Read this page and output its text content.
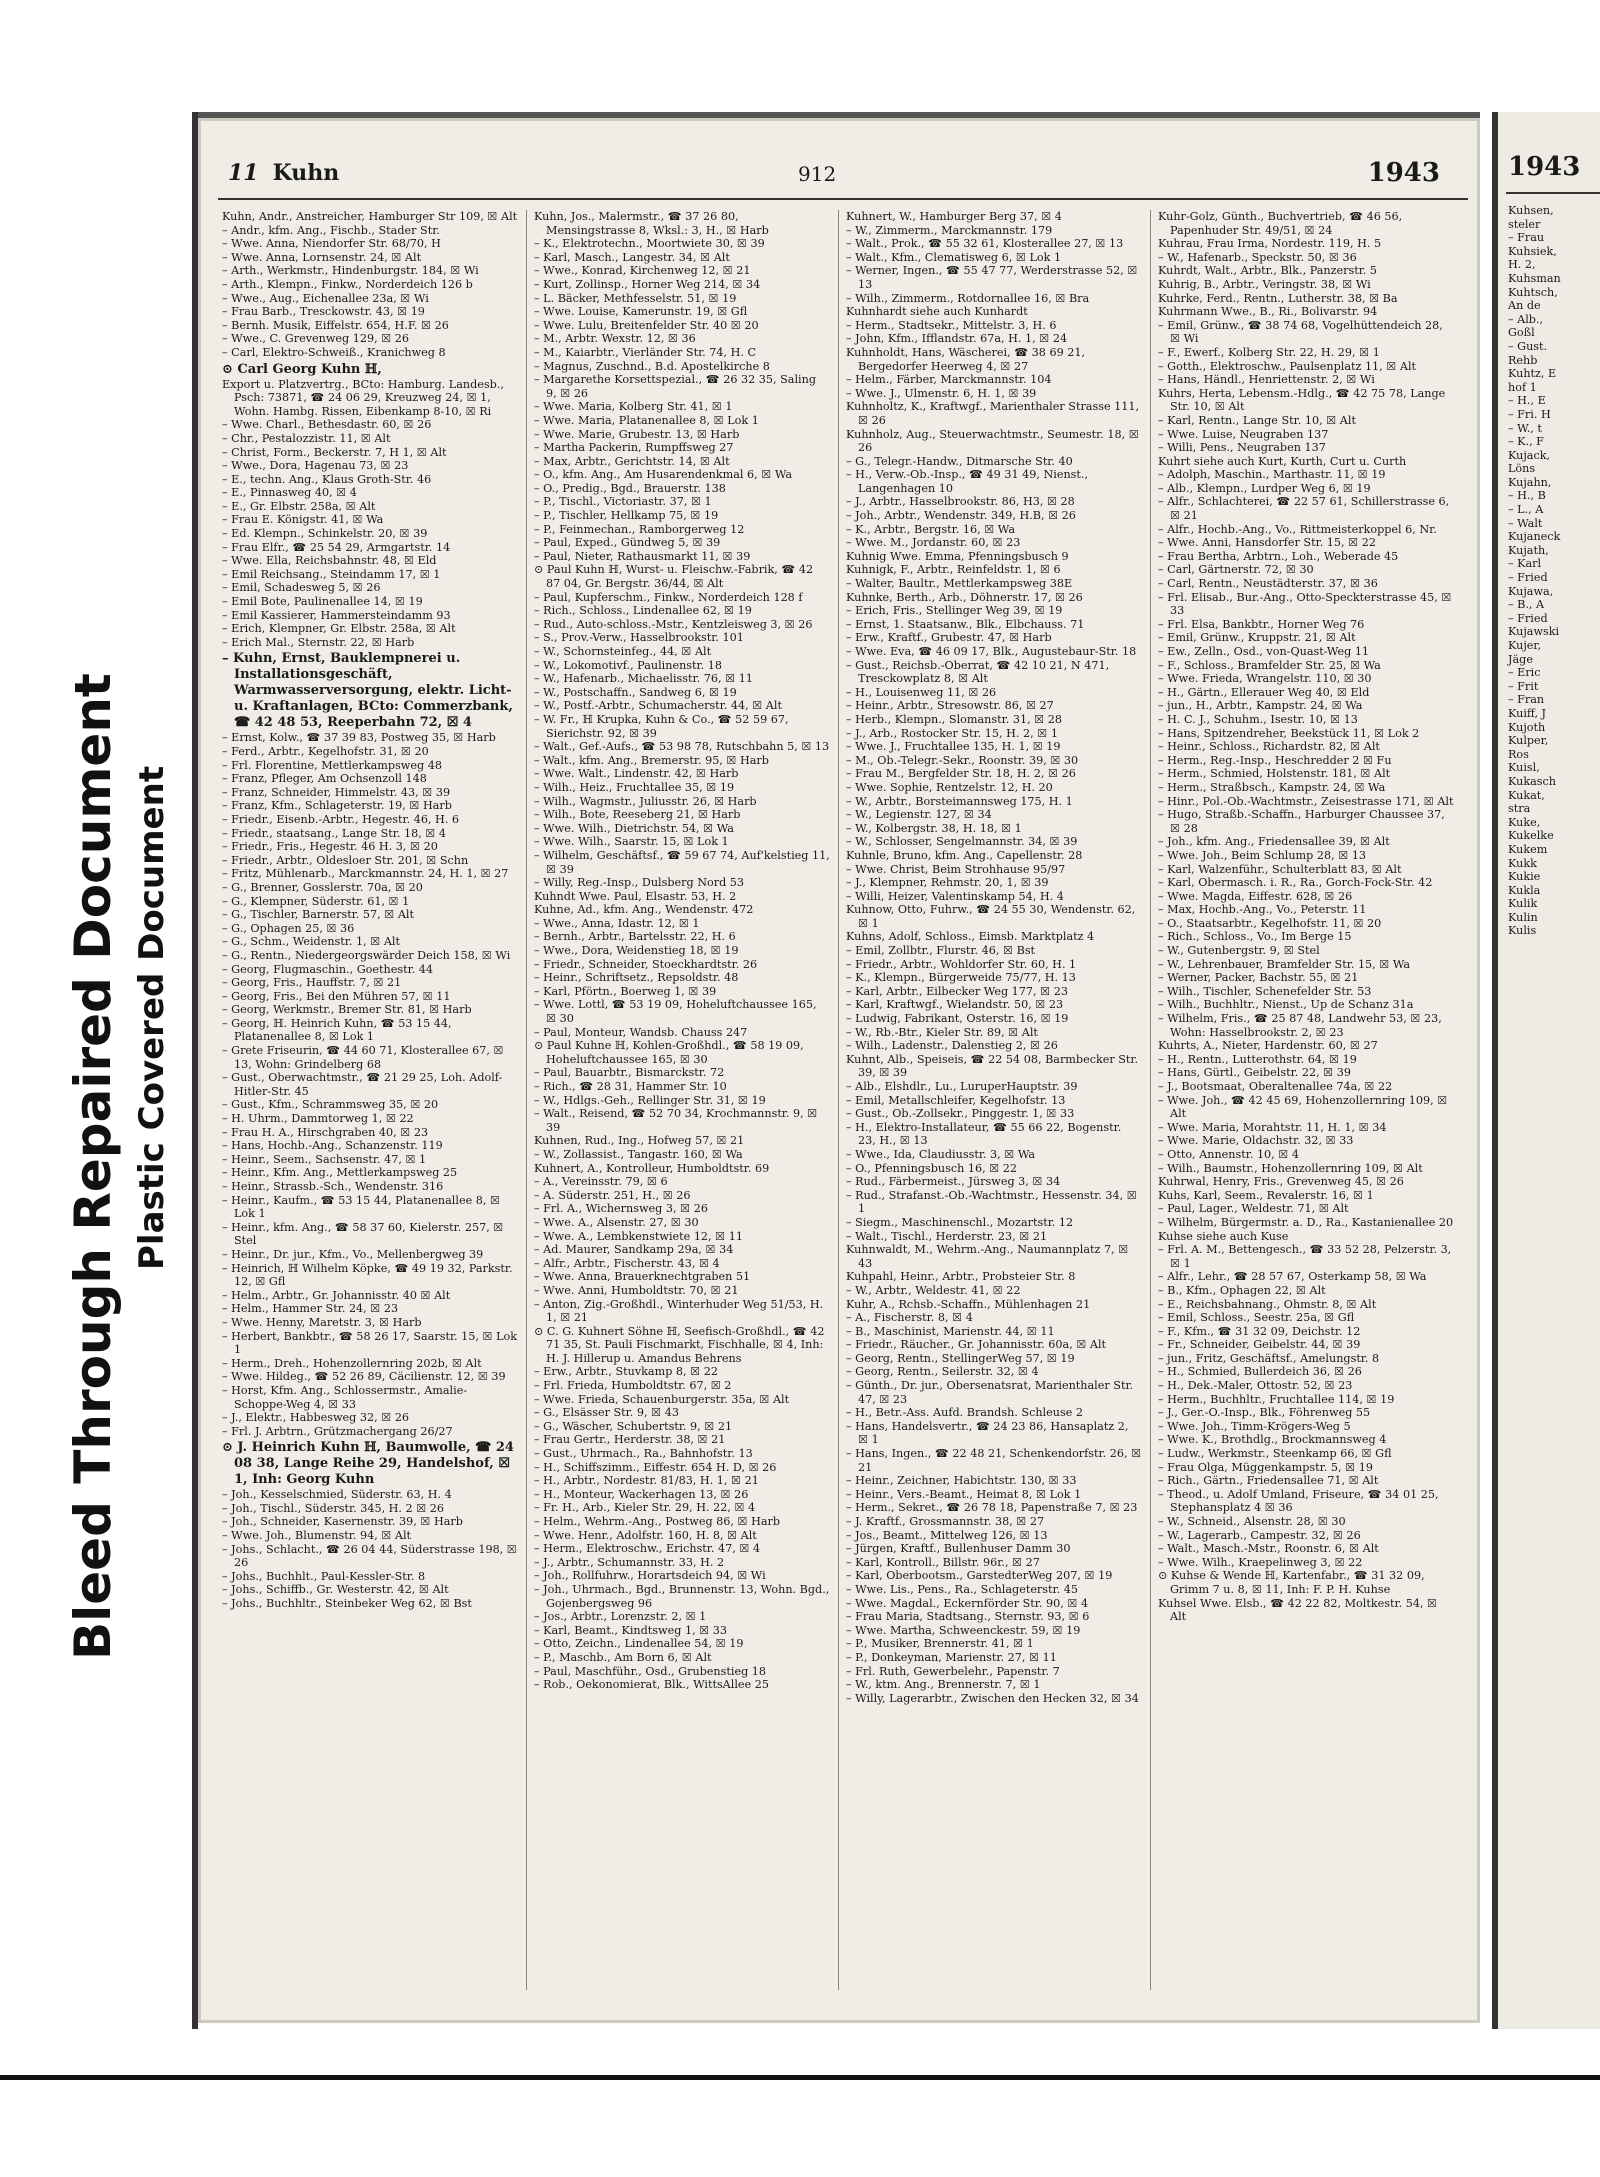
Bleed Through Repaired Document Plastic Covered Document
11 Kuhn	912	1943

Kuhn, Andr., Anstreicher, Hamburger Str 109, ☒ Alt

– Andr., kfm. Ang., Fischb., Stader Str.

– Wwe. Anna, Niendorfer Str. 68/70, H

– Wwe. Anna, Lornsenstr. 24, ☒ Alt

– Arth., Werkmstr., Hindenburgstr. 184, ☒ Wi

– Arth., Klempn., Finkw., Norderdeich 126 b

– Wwe., Aug., Eichenallee 23a, ☒ Wi

– Frau Barb., Tresckowstr. 43, ☒ 19

– Bernh. Musik, Eiffelstr. 654, H.F. ☒ 26

– Wwe., C. Grevenweg 129, ☒ 26

– Carl, Elektro-Schweiß., Kranichweg 8

⊙ Carl Georg Kuhn ℍ,

Export u. Platzvertrg., BCto: Hamburg. Landesb., Psch: 73871, ☎ 24 06 29, Kreuzweg 24, ☒ 1, Wohn. Hambg. Rissen, Eibenkamp 8-10, ☒ Ri

– Wwe. Charl., Bethesdastr. 60, ☒ 26

– Chr., Pestalozzistr. 11, ☒ Alt

– Christ, Form., Beckerstr. 7, H 1, ☒ Alt

– Wwe., Dora, Hagenau 73, ☒ 23

– E., techn. Ang., Klaus Groth-Str. 46

– E., Pinnasweg 40, ☒ 4

– E., Gr. Elbstr. 258a, ☒ Alt

– Frau E. Königstr. 41, ☒ Wa

– Ed. Klempn., Schinkelstr. 20, ☒ 39

– Frau Elfr., ☎ 25 54 29, Armgartstr. 14

– Wwe. Ella, Reichsbahnstr. 48, ☒ Eld

– Emil Reichsang., Steindamm 17, ☒ 1

– Emil, Schadesweg 5, ☒ 26

– Emil Bote, Paulinenallee 14, ☒ 19

– Emil Kassierer, Hammersteindamm 93

– Erich, Klempner, Gr. Elbstr. 258a, ☒ Alt

– Erich Mal., Sternstr. 22, ☒ Harb

– Kuhn, Ernst, Bauklempnerei u. Installationsgeschäft, Warmwasserversorgung, elektr. Licht- u. Kraftanlagen, BCto: Commerzbank, ☎ 42 48 53, Reeperbahn 72, ☒ 4

– Ernst, Kolw., ☎ 37 39 83, Postweg 35, ☒ Harb

– Ferd., Arbtr., Kegelhofstr. 31, ☒ 20

– Frl. Florentine, Mettlerkampsweg 48

– Franz, Pfleger, Am Ochsenzoll 148

– Franz, Schneider, Himmelstr. 43, ☒ 39

– Franz, Kfm., Schlageterstr. 19, ☒ Harb

– Friedr., Eisenb.-Arbtr., Hegestr. 46, H. 6

– Friedr., staatsang., Lange Str. 18, ☒ 4

– Friedr., Fris., Hegestr. 46 H. 3, ☒ 20

– Friedr., Arbtr., Oldesloer Str. 201, ☒ Schn

– Fritz, Mühlenarb., Marckmannstr. 24, H. 1, ☒ 27

– G., Brenner, Gosslerstr. 70a, ☒ 20

– G., Klempner, Süderstr. 61, ☒ 1

– G., Tischler, Barnerstr. 57, ☒ Alt

– G., Ophagen 25, ☒ 36

– G., Schm., Weidenstr. 1, ☒ Alt

– G., Rentn., Niedergeorgswärder Deich 158, ☒ Wi

– Georg, Flugmaschin., Goethestr. 44

– Georg, Fris., Hauffstr. 7, ☒ 21

– Georg, Fris., Bei den Mühren 57, ☒ 11

– Georg, Werkmstr., Bremer Str. 81, ☒ Harb

– Georg, ℍ. Heinrich Kuhn, ☎ 53 15 44, Platanenallee 8, ☒ Lok 1

– Grete Friseurin, ☎ 44 60 71, Klosterallee 67, ☒ 13, Wohn: Grindelberg 68

– Gust., Oberwachtmstr., ☎ 21 29 25, Loh. Adolf-Hitler-Str. 45

– Gust., Kfm., Schrammsweg 35, ☒ 20

– H. Uhrm., Dammtorweg 1, ☒ 22

– Frau H. A., Hirschgraben 40, ☒ 23

– Hans, Hochb.-Ang., Schanzenstr. 119

– Heinr., Seem., Sachsenstr. 47, ☒ 1

– Heinr., Kfm. Ang., Mettlerkampsweg 25

– Heinr., Strassb.-Sch., Wendenstr. 316

– Heinr., Kaufm., ☎ 53 15 44, Platanenallee 8, ☒ Lok 1

– Heinr., kfm. Ang., ☎ 58 37 60, Kielerstr. 257, ☒ Stel

– Heinr., Dr. jur., Kfm., Vo., Mellenbergweg 39

– Heinrich, ℍ Wilhelm Köpke, ☎ 49 19 32, Parkstr. 12, ☒ Gfl

– Helm., Arbtr., Gr. Johannisstr. 40 ☒ Alt

– Helm., Hammer Str. 24, ☒ 23

– Wwe. Henny, Maretstr. 3, ☒ Harb

– Herbert, Bankbtr., ☎ 58 26 17, Saarstr. 15, ☒ Lok 1

– Herm., Dreh., Hohenzollernring 202b, ☒ Alt

– Wwe. Hildeg., ☎ 52 26 89, Cäcilienstr. 12, ☒ 39

– Horst, Kfm. Ang., Schlossermstr., Amalie-Schoppe-Weg 4, ☒ 33

– J., Elektr., Habbesweg 32, ☒ 26

– Frl. J. Arbtrn., Grützmachergang 26/27

⊙ J. Heinrich Kuhn ℍ, Baumwolle, ☎ 24 08 38, Lange Reihe 29, Handelshof, ☒ 1, Inh: Georg Kuhn

– Joh., Kesselschmied, Süderstr. 63, H. 4

– Joh., Tischl., Süderstr. 345, H. 2 ☒ 26

– Joh., Schneider, Kasernenstr. 39, ☒ Harb

– Wwe. Joh., Blumenstr. 94, ☒ Alt

– Johs., Schlacht., ☎ 26 04 44, Süderstrasse 198, ☒ 26

– Johs., Buchhlt., Paul-Kessler-Str. 8

– Johs., Schiffb., Gr. Westerstr. 42, ☒ Alt

– Johs., Buchhltr., Steinbeker Weg 62, ☒ Bst

Kuhn, Jos., Malermstr., ☎ 37 26 80, Mensingstrasse 8, Wksl.: 3, H., ☒ Harb

– K., Elektrotechn., Moortwiete 30, ☒ 39

– Karl, Masch., Langestr. 34, ☒ Alt

– Wwe., Konrad, Kirchenweg 12, ☒ 21

– Kurt, Zollinsp., Horner Weg 214, ☒ 34

– L. Bäcker, Methfesselstr. 51, ☒ 19

– Wwe. Louise, Kamerunstr. 19, ☒ Gfl

– Wwe. Lulu, Breitenfelder Str. 40 ☒ 20

– M., Arbtr. Wexstr. 12, ☒ 36

– M., Kaiarbtr., Vierländer Str. 74, H. C

– Magnus, Zuschnd., B.d. Apostelkirche 8

– Margarethe Korsettspezial., ☎ 26 32 35, Saling 9, ☒ 26

– Wwe. Maria, Kolberg Str. 41, ☒ 1

– Wwe. Maria, Platanenallee 8, ☒ Lok 1

– Wwe. Marie, Grubestr. 13, ☒ Harb

– Martha Packerin, Rumpffsweg 27

– Max, Arbtr., Gerichtstr. 14, ☒ Alt

– O., kfm. Ang., Am Husarendenkmal 6, ☒ Wa

– O., Predig., Bgd., Brauerstr. 138

– P., Tischl., Victoriastr. 37, ☒ 1

– P., Tischler, Hellkamp 75, ☒ 19

– P., Feinmechan., Ramborgerweg 12

– Paul, Exped., Gündweg 5, ☒ 39

– Paul, Nieter, Rathausmarkt 11, ☒ 39

⊙ Paul Kuhn ℍ, Wurst- u. Fleischw.-Fabrik, ☎ 42 87 04, Gr. Bergstr. 36/44, ☒ Alt

– Paul, Kupferschm., Finkw., Norderdeich 128 f

– Rich., Schloss., Lindenallee 62, ☒ 19

– Rud., Auto-schloss.-Mstr., Kentzleisweg 3, ☒ 26

– S., Prov.-Verw., Hasselbrookstr. 101

– W., Schornsteinfeg., 44, ☒ Alt

– W., Lokomotivf., Paulinenstr. 18

– W., Hafenarb., Michaelisstr. 76, ☒ 11

– W., Postschaffn., Sandweg 6, ☒ 19

– W., Postf.-Arbtr., Schumacherstr. 44, ☒ Alt

– W. Fr., ℍ Krupka, Kuhn & Co., ☎ 52 59 67, Sierichstr. 92, ☒ 39

– Walt., Gef.-Aufs., ☎ 53 98 78, Rutschbahn 5, ☒ 13

– Walt., kfm. Ang., Bremerstr. 95, ☒ Harb

– Wwe. Walt., Lindenstr. 42, ☒ Harb

– Wilh., Heiz., Fruchtallee 35, ☒ 19

– Wilh., Wagmstr., Juliusstr. 26, ☒ Harb

– Wilh., Bote, Reeseberg 21, ☒ Harb

– Wwe. Wilh., Dietrichstr. 54, ☒ Wa

– Wwe. Wilh., Saarstr. 15, ☒ Lok 1

– Wilhelm, Geschäftsf., ☎ 59 67 74, Auf'kelstieg 11, ☒ 39

– Willy, Reg.-Insp., Dulsberg Nord 53

Kuhndt Wwe. Paul, Elsastr. 53, H. 2

Kuhne, Ad., kfm. Ang., Wendenstr. 472

– Wwe., Anna, Idastr. 12, ☒ 1

– Bernh., Arbtr., Bartelsstr. 22, H. 6

– Wwe., Dora, Weidenstieg 18, ☒ 19

– Friedr., Schneider, Stoeckhardtstr. 26

– Heinr., Schriftsetz., Repsoldstr. 48

– Karl, Pförtn., Boerweg 1, ☒ 39

– Wwe. Lottl, ☎ 53 19 09, Hoheluftchaussee 165, ☒ 30

– Paul, Monteur, Wandsb. Chauss 247

⊙ Paul Kuhne ℍ, Kohlen-Großhdl., ☎ 58 19 09, Hoheluftchaussee 165, ☒ 30

– Paul, Bauarbtr., Bismarckstr. 72

– Rich., ☎ 28 31, Hammer Str. 10

– W., Hdlgs.-Geh., Rellinger Str. 31, ☒ 19

– Walt., Reisend, ☎ 52 70 34, Krochmannstr. 9, ☒ 39

Kuhnen, Rud., Ing., Hofweg 57, ☒ 21

– W., Zollassist., Tangastr. 160, ☒ Wa

Kuhnert, A., Kontrolleur, Humboldtstr. 69

– A., Vereinsstr. 79, ☒ 6

– A. Süderstr. 251, H., ☒ 26

– Frl. A., Wichernsweg 3, ☒ 26

– Wwe. A., Alsenstr. 27, ☒ 30

– Wwe. A., Lembkenstwiete 12, ☒ 11

– Ad. Maurer, Sandkamp 29a, ☒ 34

– Alfr., Arbtr., Fischerstr. 43, ☒ 4

– Wwe. Anna, Brauerknechtgraben 51

– Wwe. Anni, Humboldtstr. 70, ☒ 21

– Anton, Zig.-Großhdl., Winterhuder Weg 51/53, H. 1, ☒ 21

⊙ C. G. Kuhnert Söhne ℍ, Seefisch-Großhdl., ☎ 42 71 35, St. Pauli Fischmarkt, Fischhalle, ☒ 4, Inh: H. J. Hillerup u. Amandus Behrens

– Erw., Arbtr., Stuvkamp 8, ☒ 22

– Frl. Frieda, Humboldtstr. 67, ☒ 2

– Wwe. Frieda, Schauenburgerstr. 35a, ☒ Alt

– G., Elsässer Str. 9, ☒ 43

– G., Wäscher, Schubertstr. 9, ☒ 21

– Frau Gertr., Herderstr. 38, ☒ 21

– Gust., Uhrmach., Ra., Bahnhofstr. 13

– H., Schiffszimm., Eiffestr. 654 H. D, ☒ 26

– H., Arbtr., Nordestr. 81/83, H. 1, ☒ 21

– H., Monteur, Wackerhagen 13, ☒ 26

– Fr. H., Arb., Kieler Str. 29, H. 22, ☒ 4

– Helm., Wehrm.-Ang., Postweg 86, ☒ Harb

– Wwe. Henr., Adolfstr. 160, H. 8, ☒ Alt

– Herm., Elektroschw., Erichstr. 47, ☒ 4

– J., Arbtr., Schumannstr. 33, H. 2

– Joh., Rollfuhrw., Horartsdeich 94, ☒ Wi

– Joh., Uhrmach., Bgd., Brunnenstr. 13, Wohn. Bgd., Gojenbergsweg 96

– Jos., Arbtr., Lorenzstr. 2, ☒ 1

– Karl, Beamt., Kindtsweg 1, ☒ 33

– Otto, Zeichn., Lindenallee 54, ☒ 19

– P., Maschb., Am Born 6, ☒ Alt

– Paul, Maschführ., Osd., Grubenstieg 18

– Rob., Oekonomierat, Blk., WittsAllee 25

Kuhnert, W., Hamburger Berg 37, ☒ 4

– W., Zimmerm., Marckmannstr. 179

– Walt., Prok., ☎ 55 32 61, Klosterallee 27, ☒ 13

– Walt., Kfm., Clematisweg 6, ☒ Lok 1

– Werner, Ingen., ☎ 55 47 77, Werderstrasse 52, ☒ 13

– Wilh., Zimmerm., Rotdornallee 16, ☒ Bra

Kuhnhardt siehe auch Kunhardt

– Herm., Stadtsekr., Mittelstr. 3, H. 6

– John, Kfm., Ifflandstr. 67a, H. 1, ☒ 24

Kuhnholdt, Hans, Wäscherei, ☎ 38 69 21, Bergedorfer Heerweg 4, ☒ 27

– Helm., Färber, Marckmannstr. 104

– Wwe. J., Ulmenstr. 6, H. 1, ☒ 39

Kuhnholtz, K., Kraftwgf., Marienthaler Strasse 111, ☒ 26

Kuhnholz, Aug., Steuerwachtmstr., Seumestr. 18, ☒ 26

– G., Telegr.-Handw., Ditmarsche Str. 40

– H., Verw.-Ob.-Insp., ☎ 49 31 49, Nienst., Langenhagen 10

– J., Arbtr., Hasselbrookstr. 86, H3, ☒ 28

– Joh., Arbtr., Wendenstr. 349, H.B, ☒ 26

– K., Arbtr., Bergstr. 16, ☒ Wa

– Wwe. M., Jordanstr. 60, ☒ 23

Kuhnig Wwe. Emma, Pfenningsbusch 9

Kuhnigk, F., Arbtr., Reinfeldstr. 1, ☒ 6

– Walter, Baultr., Mettlerkampsweg 38E

Kuhnke, Berth., Arb., Döhnerstr. 17, ☒ 26

– Erich, Fris., Stellinger Weg 39, ☒ 19

– Ernst, 1. Staatsanw., Blk., Elbchauss. 71

– Erw., Kraftf., Grubestr. 47, ☒ Harb

– Wwe. Eva, ☎ 46 09 17, Blk., Augustebaur-Str. 18

– Gust., Reichsb.-Oberrat, ☎ 42 10 21, N 471, Tresckowplatz 8, ☒ Alt

– H., Louisenweg 11, ☒ 26

– Heinr., Arbtr., Stresowstr. 86, ☒ 27

– Herb., Klempn., Slomanstr. 31, ☒ 28

– J., Arb., Rostocker Str. 15, H. 2, ☒ 1

– Wwe. J., Fruchtallee 135, H. 1, ☒ 19

– M., Ob.-Telegr.-Sekr., Roonstr. 39, ☒ 30

– Frau M., Bergfelder Str. 18, H. 2, ☒ 26

– Wwe. Sophie, Rentzelstr. 12, H. 20

– W., Arbtr., Borsteimannsweg 175, H. 1

– W., Legienstr. 127, ☒ 34

– W., Kolbergstr. 38, H. 18, ☒ 1

– W., Schlosser, Sengelmannstr. 34, ☒ 39

Kuhnle, Bruno, kfm. Ang., Capellenstr. 28

– Wwe. Christ, Beim Strohhause 95/97

– J., Klempner, Rehmstr. 20, 1, ☒ 39

– Willi, Heizer, Valentinskamp 54, H. 4

Kuhnow, Otto, Fuhrw., ☎ 24 55 30, Wendenstr. 62, ☒ 1

Kuhns, Adolf, Schloss., Eimsb. Marktplatz 4

– Emil, Zollbtr., Flurstr. 46, ☒ Bst

– Friedr., Arbtr., Wohldorfer Str. 60, H. 1

– K., Klempn., Bürgerweide 75/77, H. 13

– Karl, Arbtr., Eilbecker Weg 177, ☒ 23

– Karl, Kraftwgf., Wielandstr. 50, ☒ 23

– Ludwig, Fabrikant, Osterstr. 16, ☒ 19

– W., Rb.-Btr., Kieler Str. 89, ☒ Alt

– Wilh., Ladenstr., Dalenstieg 2, ☒ 26

Kuhnt, Alb., Speiseis, ☎ 22 54 08, Barmbecker Str. 39, ☒ 39

– Alb., Elshdlr., Lu., LuruperHauptstr. 39

– Emil, Metallschleifer, Kegelhofstr. 13

– Gust., Ob.-Zollsekr., Pinggestr. 1, ☒ 33

– H., Elektro-Installateur, ☎ 55 66 22, Bogenstr. 23, H., ☒ 13

– Wwe., Ida, Claudiusstr. 3, ☒ Wa

– O., Pfenningsbusch 16, ☒ 22

– Rud., Färbermeist., Jürsweg 3, ☒ 34

– Rud., Strafanst.-Ob.-Wachtmstr., Hessenstr. 34, ☒ 1

– Siegm., Maschinenschl., Mozartstr. 12

– Walt., Tischl., Herderstr. 23, ☒ 21

Kuhnwaldt, M., Wehrm.-Ang., Naumannplatz 7, ☒ 43

Kuhpahl, Heinr., Arbtr., Probsteier Str. 8

– W., Arbtr., Weldestr. 41, ☒ 22

Kuhr, A., Rchsb.-Schaffn., Mühlenhagen 21

– A., Fischerstr. 8, ☒ 4

– B., Maschinist, Marienstr. 44, ☒ 11

– Friedr., Räucher., Gr. Johannisstr. 60a, ☒ Alt

– Georg, Rentn., StellingerWeg 57, ☒ 19

– Georg, Rentn., Seilerstr. 32, ☒ 4

– Günth., Dr. jur., Obersenatsrat, Marienthaler Str. 47, ☒ 23

– H., Betr.-Ass. Aufd. Brandsh. Schleuse 2

– Hans, Handelsvertr., ☎ 24 23 86, Hansaplatz 2, ☒ 1

– Hans, Ingen., ☎ 22 48 21, Schenkendorfstr. 26, ☒ 21

– Heinr., Zeichner, Habichtstr. 130, ☒ 33

– Heinr., Vers.-Beamt., Heimat 8, ☒ Lok 1

– Herm., Sekret., ☎ 26 78 18, Papenstraße 7, ☒ 23

– J. Kraftf., Grossmannstr. 38, ☒ 27

– Jos., Beamt., Mittelweg 126, ☒ 13

– Jürgen, Kraftf., Bullenhuser Damm 30

– Karl, Kontroll., Billstr. 96r., ☒ 27

– Karl, Oberbootsm., GarstedterWeg 207, ☒ 19

– Wwe. Lis., Pens., Ra., Schlageterstr. 45

– Wwe. Magdal., Eckernförder Str. 90, ☒ 4

– Frau Maria, Stadtsang., Sternstr. 93, ☒ 6

– Wwe. Martha, Schweenckestr. 59, ☒ 19

– P., Musiker, Brennerstr. 41, ☒ 1

– P., Donkeyman, Marienstr. 27, ☒ 11

– Frl. Ruth, Gewerbelehr., Papenstr. 7

– W., ktm. Ang., Brennerstr. 7, ☒ 1

– Willy, Lagerarbtr., Zwischen den Hecken 32, ☒ 34

Kuhr-Golz, Günth., Buchvertrieb, ☎ 46 56, Papenhuder Str. 49/51, ☒ 24

Kuhrau, Frau Irma, Nordestr. 119, H. 5

– W., Hafenarb., Speckstr. 50, ☒ 36

Kuhrdt, Walt., Arbtr., Blk., Panzerstr. 5

Kuhrig, B., Arbtr., Veringstr. 38, ☒ Wi

Kuhrke, Ferd., Rentn., Lutherstr. 38, ☒ Ba

Kuhrmann Wwe., B., Ri., Bolivarstr. 94

– Emil, Grünw., ☎ 38 74 68, Vogelhüttendeich 28, ☒ Wi

– F., Ewerf., Kolberg Str. 22, H. 29, ☒ 1

– Gotth., Elektroschw., Paulsenplatz 11, ☒ Alt

– Hans, Händl., Henriettenstr. 2, ☒ Wi

Kuhrs, Herta, Lebensm.-Hdlg., ☎ 42 75 78, Lange Str. 10, ☒ Alt

– Karl, Rentn., Lange Str. 10, ☒ Alt

– Wwe. Luise, Neugraben 137

– Willi, Pens., Neugraben 137

Kuhrt siehe auch Kurt, Kurth, Curt u. Curth

– Adolph, Maschin., Marthastr. 11, ☒ 19

– Alb., Klempn., Lurdper Weg 6, ☒ 19

– Alfr., Schlachterei, ☎ 22 57 61, Schillerstrasse 6, ☒ 21

– Alfr., Hochb.-Ang., Vo., Rittmeisterkoppel 6, Nr.

– Wwe. Anni, Hansdorfer Str. 15, ☒ 22

– Frau Bertha, Arbtrn., Loh., Weberade 45

– Carl, Gärtnerstr. 72, ☒ 30

– Carl, Rentn., Neustädterstr. 37, ☒ 36

– Frl. Elisab., Bur.-Ang., Otto-Speckterstrasse 45, ☒ 33

– Frl. Elsa, Bankbtr., Horner Weg 76

– Emil, Grünw., Kruppstr. 21, ☒ Alt

– Ew., Zelln., Osd., von-Quast-Weg 11

– F., Schloss., Bramfelder Str. 25, ☒ Wa

– Wwe. Frieda, Wrangelstr. 110, ☒ 30

– H., Gärtn., Ellerauer Weg 40, ☒ Eld

– jun., H., Arbtr., Kampstr. 24, ☒ Wa

– H. C. J., Schuhm., Isestr. 10, ☒ 13

– Hans, Spitzendreher, Beekstück 11, ☒ Lok 2

– Heinr., Schloss., Richardstr. 82, ☒ Alt

– Herm., Reg.-Insp., Heschredder 2 ☒ Fu

– Herm., Schmied, Holstenstr. 181, ☒ Alt

– Herm., Straßbsch., Kampstr. 24, ☒ Wa

– Hinr., Pol.-Ob.-Wachtmstr., Zeisestrasse 171, ☒ Alt

– Hugo, Straßb.-Schaffn., Harburger Chaussee 37, ☒ 28

– Joh., kfm. Ang., Friedensallee 39, ☒ Alt

– Wwe. Joh., Beim Schlump 28, ☒ 13

– Karl, Walzenführ., Schulterblatt 83, ☒ Alt

– Karl, Obermasch. i. R., Ra., Gorch-Fock-Str. 42

– Wwe. Magda, Eiffestr. 628, ☒ 26

– Max, Hochb.-Ang., Vo., Peterstr. 11

– O., Staatsarbtr., Kegelhofstr. 11, ☒ 20

– Rich., Schloss., Vo., Im Berge 15

– W., Gutenbergstr. 9, ☒ Stel

– W., Lehrenbauer, Bramfelder Str. 15, ☒ Wa

– Werner, Packer, Bachstr. 55, ☒ 21

– Wilh., Tischler, Schenefelder Str. 53

– Wilh., Buchhltr., Nienst., Up de Schanz 31a

– Wilhelm, Fris., ☎ 25 87 48, Landwehr 53, ☒ 23, Wohn: Hasselbrookstr. 2, ☒ 23

Kuhrts, A., Nieter, Hardenstr. 60, ☒ 27

– H., Rentn., Lutterothstr. 64, ☒ 19

– Hans, Gürtl., Geibelstr. 22, ☒ 39

– J., Bootsmaat, Oberaltenallee 74a, ☒ 22

– Wwe. Joh., ☎ 42 45 69, Hohenzollernring 109, ☒ Alt

– Wwe. Maria, Morahtstr. 11, H. 1, ☒ 34

– Wwe. Marie, Oldachstr. 32, ☒ 33

– Otto, Annenstr. 10, ☒ 4

– Wilh., Baumstr., Hohenzollernring 109, ☒ Alt

Kuhrwal, Henry, Fris., Grevenweg 45, ☒ 26

Kuhs, Karl, Seem., Revalerstr. 16, ☒ 1

– Paul, Lager., Weldestr. 71, ☒ Alt

– Wilhelm, Bürgermstr. a. D., Ra., Kastanienallee 20

Kuhse siehe auch Kuse

– Frl. A. M., Bettengesch., ☎ 33 52 28, Pelzerstr. 3, ☒ 1

– Alfr., Lehr., ☎ 28 57 67, Osterkamp 58, ☒ Wa

– B., Kfm., Ophagen 22, ☒ Alt

– E., Reichsbahnang., Ohmstr. 8, ☒ Alt

– Emil, Schloss., Seestr. 25a, ☒ Gfl

– F., Kfm., ☎ 31 32 09, Deichstr. 12

– Fr., Schneider, Geibelstr. 44, ☒ 39

– jun., Fritz, Geschäftsf., Amelungstr. 8

– H., Schmied, Bullerdeich 36, ☒ 26

– H., Dek.-Maler, Ottostr. 52, ☒ 23

– Herm., Buchhltr., Fruchtallee 114, ☒ 19

– J., Ger.-O.-Insp., Blk., Föhrenweg 55

– Wwe. Joh., Timm-Krögers-Weg 5

– Wwe. K., Brothdlg., Brockmannsweg 4

– Ludw., Werkmstr., Steenkamp 66, ☒ Gfl

– Frau Olga, Müggenkampstr. 5, ☒ 19

– Rich., Gärtn., Friedensallee 71, ☒ Alt

– Theod., u. Adolf Umland, Friseure, ☎ 34 01 25, Stephansplatz 4 ☒ 36

– W., Schneid., Alsenstr. 28, ☒ 30

– W., Lagerarb., Campestr. 32, ☒ 26

– Walt., Masch.-Mstr., Roonstr. 6, ☒ Alt

– Wwe. Wilh., Kraepelinweg 3, ☒ 22

⊙ Kuhse & Wende ℍ, Kartenfabr., ☎ 31 32 09, Grimm 7 u. 8, ☒ 11, Inh: F. P. H. Kuhse

Kuhsel Wwe. Elsb., ☎ 42 22 82, Moltkestr. 54, ☒ Alt

1943
Kuhsen,
steler
– Frau
Kuhsiek,
H. 2,
Kuhsman
Kuhtsch,
An de
– Alb.,
Goßl
– Gust.
Rehb
Kuhtz, E
hof 1
– H., E
– Fri. H
– W., t
– K., F
Kujack,
Löns
Kujahn,
– H., B
– L., A
– Walt
Kujaneck
Kujath,
– Karl
– Fried
Kujawa,
– B., A
– Fried
Kujawski
Kujer,
Jäge
– Eric
– Frit
– Fran
Kuiff, J
Kujoth
Kulper,
Ros
Kuisl,
Kukasch
Kukat,
stra
Kuke,
Kukelke
Kukem
Kukk
Kukie
Kukla
Kulik
Kulin
Kulis
